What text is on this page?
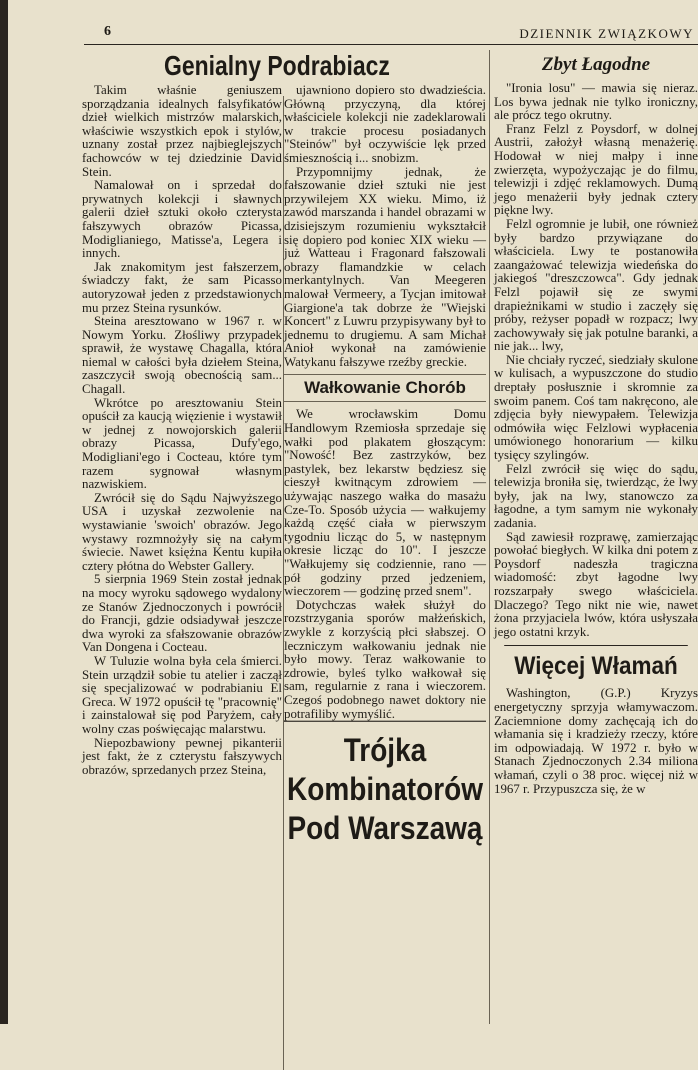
6	DZIENNIK ZWIĄZKOWY
Genialny Podrabiacz

Takim właśnie geniuszem sporządzania idealnych falsyfikatów dzieł wielkich mistrzów malarskich, właściwie wszystkich epok i stylów, uznany został przez najbieglejszych fachowców w tej dziedzinie David Stein.

Namalował on i sprzedał do prywatnych kolekcji i sławnych galerii dzieł sztuki około czterysta fałszywych obrazów Picassa, Modiglianiego, Matisse'a, Legera i innych.

Jak znakomitym jest fałszerzem, świadczy fakt, że sam Picasso autoryzował jeden z przedstawionych mu przez Steina rysunków.

Steina aresztowano w 1967 r. w Nowym Yorku. Złośliwy przypadek sprawił, że wystawę Chagalla, która niemal w całości była dziełem Steina, zaszczycił swoją obecnością sam... Chagall.

Wkrótce po aresztowaniu Stein opuścił za kaucją więzienie i wystawił w jednej z nowojorskich galerii obrazy Picassa, Dufy'ego, Modigliani'ego i Cocteau, które tym razem sygnował własnym nazwiskiem.

Zwrócił się do Sądu Najwyższego USA i uzyskał zezwolenie na wystawianie 'swoich' obrazów. Jego wystawy rozmnożyły się na całym świecie. Nawet księżna Kentu kupiła cztery płótna do Webster Gallery.

5 sierpnia 1969 Stein został jednak na mocy wyroku sądowego wydalony ze Stanów Zjednoczonych i powrócił do Francji, gdzie odsiadywał jeszcze dwa wyroki za sfałszowanie obrazów Van Dongena i Cocteau.

W Tuluzie wolna była cela śmierci. Stein urządził sobie tu atelier i zaczął się specjalizować w podrabianiu El Greca. W 1972 opuścił tę "pracownię" i zainstalował się pod Paryżem, cały wolny czas poświęcając malarstwu.

Niepozbawiony pewnej pikanterii jest fakt, że z czterystu fałszywych obrazów, sprzedanych przez Steina,

ujawniono dopiero sto dwadzieścia. Główną przyczyną, dla której właściciele kolekcji nie zadeklarowali w trakcie procesu posiadanych "Steinów" był oczywiście lęk przed śmiesznością i... snobizm.

Przypomnijmy jednak, że fałszowanie dzieł sztuki nie jest przywilejem XX wieku. Mimo, iż zawód marszanda i handel obrazami w dzisiejszym rozumieniu wykształcił się dopiero pod koniec XIX wieku — już Watteau i Fragonard fałszowali obrazy flamandzkie w celach merkantylnych. Van Meegeren malował Vermeery, a Tycjan imitował Giargione'a tak dobrze że "Wiejski Koncert" z Luwru przypisywany był to jednemu to drugiemu. A sam Michał Anioł wykonał na zamówienie Watykanu fałszywe rzeźby greckie.

Wałkowanie Chorób

We wrocławskim Domu Handlowym Rzemiosła sprzedaje się wałki pod plakatem głoszącym: "Nowość! Bez zastrzyków, bez pastylek, bez lekarstw będziesz się cieszył kwitnącym zdrowiem — używając naszego wałka do masażu Cze-To. Sposób użycia — wałkujemy każdą część ciała w pierwszym tygodniu licząc do 5, w następnym okresie licząc do 10". I jeszcze "Wałkujemy się codziennie, rano — pół godziny przed jedzeniem, wieczorem — godzinę przed snem".

Dotychczas wałek służył do rozstrzygania sporów małżeńskich, zwykle z korzyścią płci słabszej. O leczniczym wałkowaniu jednak nie było mowy. Teraz wałkowanie to zdrowie, byleś tylko wałkował się sam, regularnie z rana i wieczorem. Czegoś podobnego nawet doktory nie potrafiliby wymyślić.

Trójka Kombinatorów Pod Warszawą
Zbyt Łagodne

"Ironia losu" — mawia się nieraz. Los bywa jednak nie tylko ironiczny, ale prócz tego okrutny.

Franz Felzl z Poysdorf, w dolnej Austrii, założył własną menażerię. Hodował w niej małpy i inne zwierzęta, wypożyczając je do filmu, telewizji i zdjęć reklamowych. Dumą jego menażerii były jednak cztery piękne lwy.

Felzl ogromnie je lubił, one również były bardzo przywiązane do właściciela. Lwy te postanowiła zaangażować telewizja wiedeńska do jakiegoś "dreszczowca". Gdy jednak Felzl pojawił się ze swymi drapieżnikami w studio i zaczęły się próby, reżyser popadł w rozpacz; lwy zachowywały się jak potulne baranki, a nie jak... lwy,

Nie chciały ryczeć, siedziały skulone w kulisach, a wypuszczone do studio dreptały posłusznie i skromnie za swoim panem. Coś tam nakręcono, ale zdjęcia były niewypałem. Telewizja odmówiła więc Felzlowi wypłacenia umówionego honorarium — kilku tysięcy szylingów.

Felzl zwrócił się więc do sądu, telewizja broniła się, twierdząc, że lwy były, jak na lwy, stanowczo za łagodne, a tym samym nie wykonały zadania.

Sąd zawiesił rozprawę, zamierzając powołać biegłych. W kilka dni potem z Poysdorf nadeszła tragiczna wiadomość: zbyt łagodne lwy rozszarpały swego właściciela. Dlaczego? Tego nikt nie wie, nawet żona przyjaciela lwów, która usłyszała jego ostatni krzyk.

Więcej Włamań

Washington, (G.P.) Kryzys energetyczny sprzyja włamywaczom. Zaciemnione domy zachęcają ich do włamania się i kradzieży rzeczy, które im odpowiadają. W 1972 r. było w Stanach Zjednoczonych 2.34 miliona włamań, czyli o 38 proc. więcej niż w 1967 r. Przypuszcza się, że w
